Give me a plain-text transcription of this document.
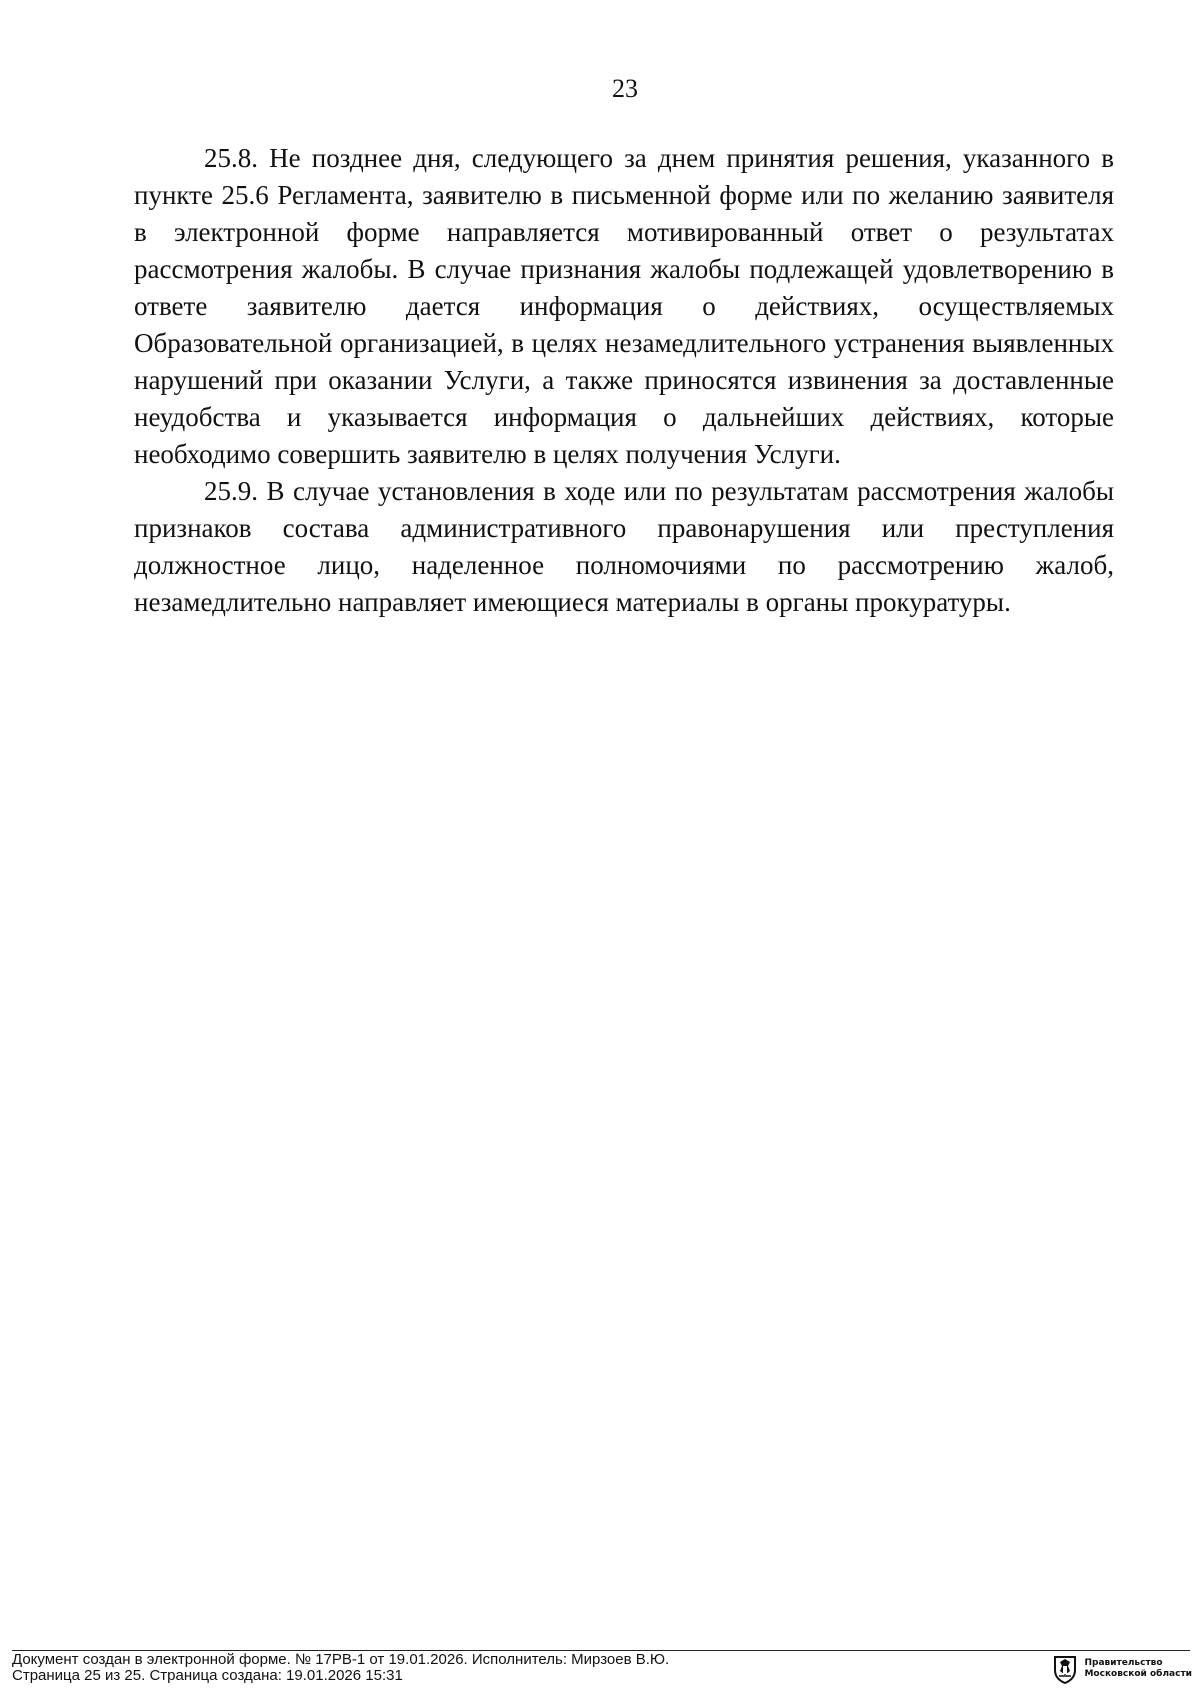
23

25.8. Не позднее дня, следующего за днем принятия решения, указанного в пункте 25.6 Регламента, заявителю в письменной форме или по желанию заявителя в электронной форме направляется мотивированный ответ о результатах рассмотрения жалобы. В случае признания жалобы подлежащей удовлетворению в ответе заявителю дается информация о действиях, осуществляемых Образовательной организацией, в целях незамедлительного устранения выявленных нарушений при оказании Услуги, а также приносятся извинения за доставленные неудобства и указывается информация о дальнейших действиях, которые необходимо совершить заявителю в целях получения Услуги.

25.9. В случае установления в ходе или по результатам рассмотрения жалобы признаков состава административного правонарушения или преступления должностное лицо, наделенное полномочиями по рассмотрению жалоб, незамедлительно направляет имеющиеся материалы в органы прокуратуры.

Документ создан в электронной форме. № 17РВ-1 от 19.01.2026. Исполнитель: Мирзоев В.Ю.
Страница 25 из 25. Страница создана: 19.01.2026 15:31
Правительство
Московской области
